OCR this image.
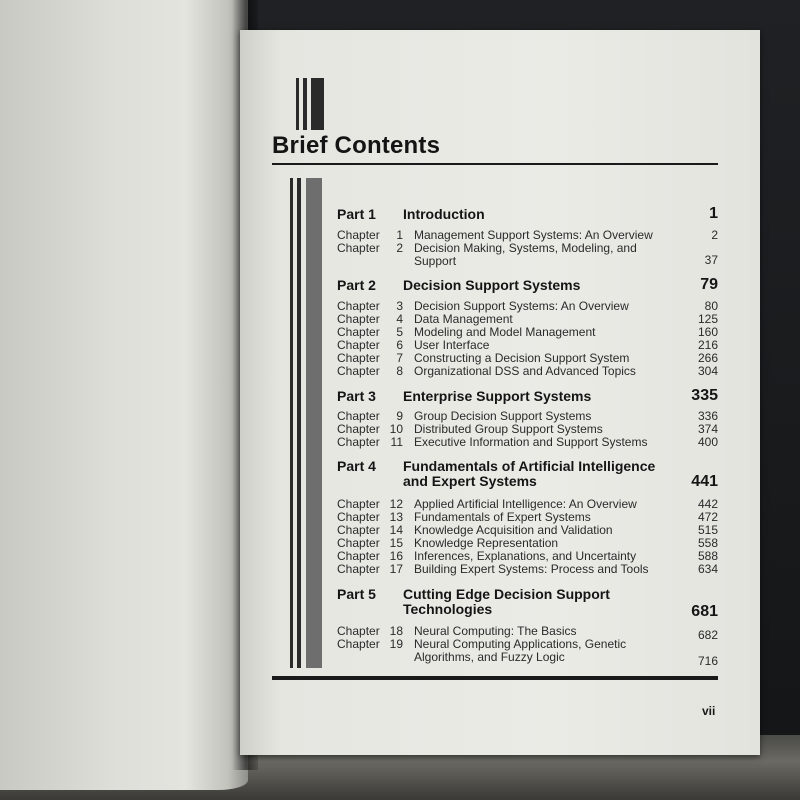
Brief Contents
Part 1 Introduction	1
Chapter	1 Management Support Systems: An Overview	2
Chapter	2 Decision Making, Systems, Modeling, and Support	37
Part 2 Decision Support Systems	79
Chapter	3 Decision Support Systems: An Overview	80
Chapter	4 Data Management	125
Chapter	5 Modeling and Model Management	160
Chapter	6 User Interface	216
Chapter	7 Constructing a Decision Support System	266
Chapter	8 Organizational DSS and Advanced Topics	304
Part 3 Enterprise Support Systems	335
Chapter	9 Group Decision Support Systems	336
Chapter 10 Distributed Group Support Systems	374
Chapter 11 Executive Information and Support Systems	400
Part 4 Fundamentals of Artificial Intelligence and Expert Systems	441
Chapter 12 Applied Artificial Intelligence: An Overview	442
Chapter 13 Fundamentals of Expert Systems	472
Chapter 14 Knowledge Acquisition and Validation	515
Chapter 15 Knowledge Representation	558
Chapter 16 Inferences, Explanations, and Uncertainty	588
Chapter 17 Building Expert Systems: Process and Tools	634
Part 5 Cutting Edge Decision Support Technologies	681
Chapter 18 Neural Computing: The Basics	682
Chapter 19 Neural Computing Applications, Genetic Algorithms, and Fuzzy Logic	716
vii
